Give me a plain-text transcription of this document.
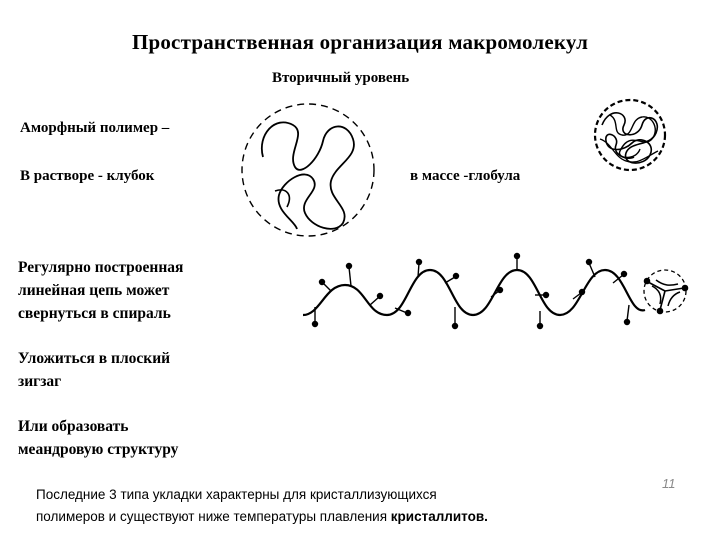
Пространственная организация макромолекул
Вторичный уровень
Аморфный полимер –
В растворе - клубок	в массе -глобула

Регулярно построенная

линейная цепь может

свернуться в спираль

Уложиться в плоский

зигзаг

Или образовать

меандровую структуру

Последние 3 типа укладки характерны для кристаллизующихся
полимеров и существуют ниже температуры плавления кристаллитов.
11
